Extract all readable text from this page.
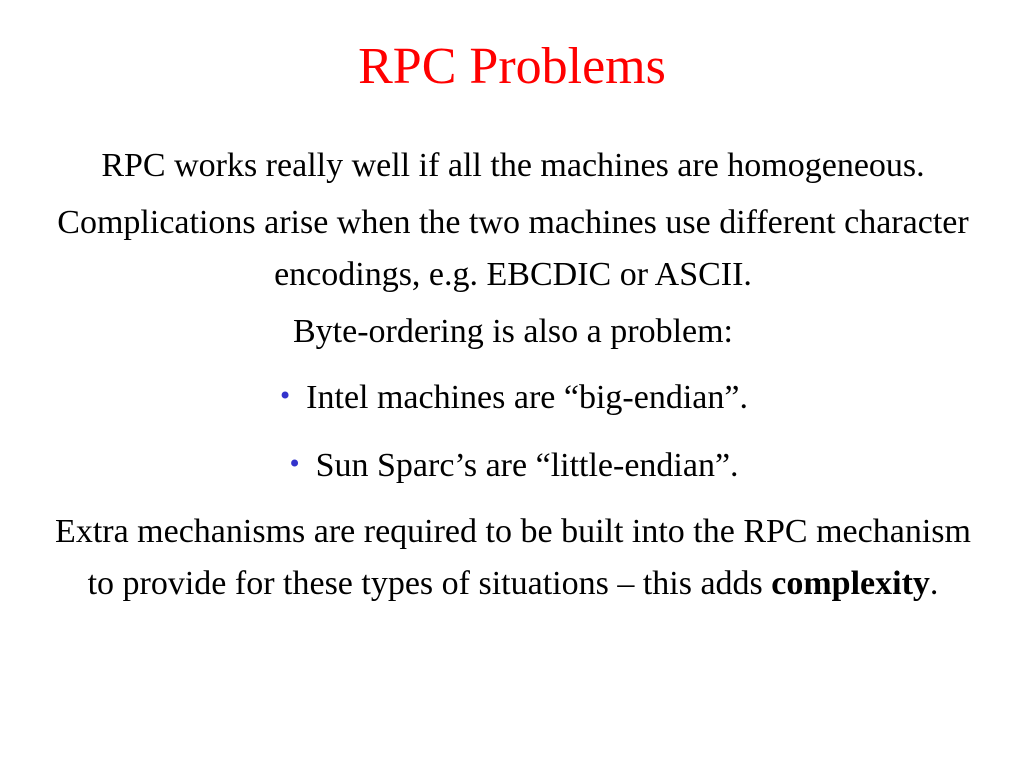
RPC Problems
RPC works really well if all the machines are homogeneous.
Complications arise when the two machines use different character encodings, e.g. EBCDIC or ASCII.
Byte-ordering is also a problem:
• Intel machines are “big-endian”.
• Sun Sparc’s are “little-endian”.
Extra mechanisms are required to be built into the RPC mechanism to provide for these types of situations – this adds complexity.
